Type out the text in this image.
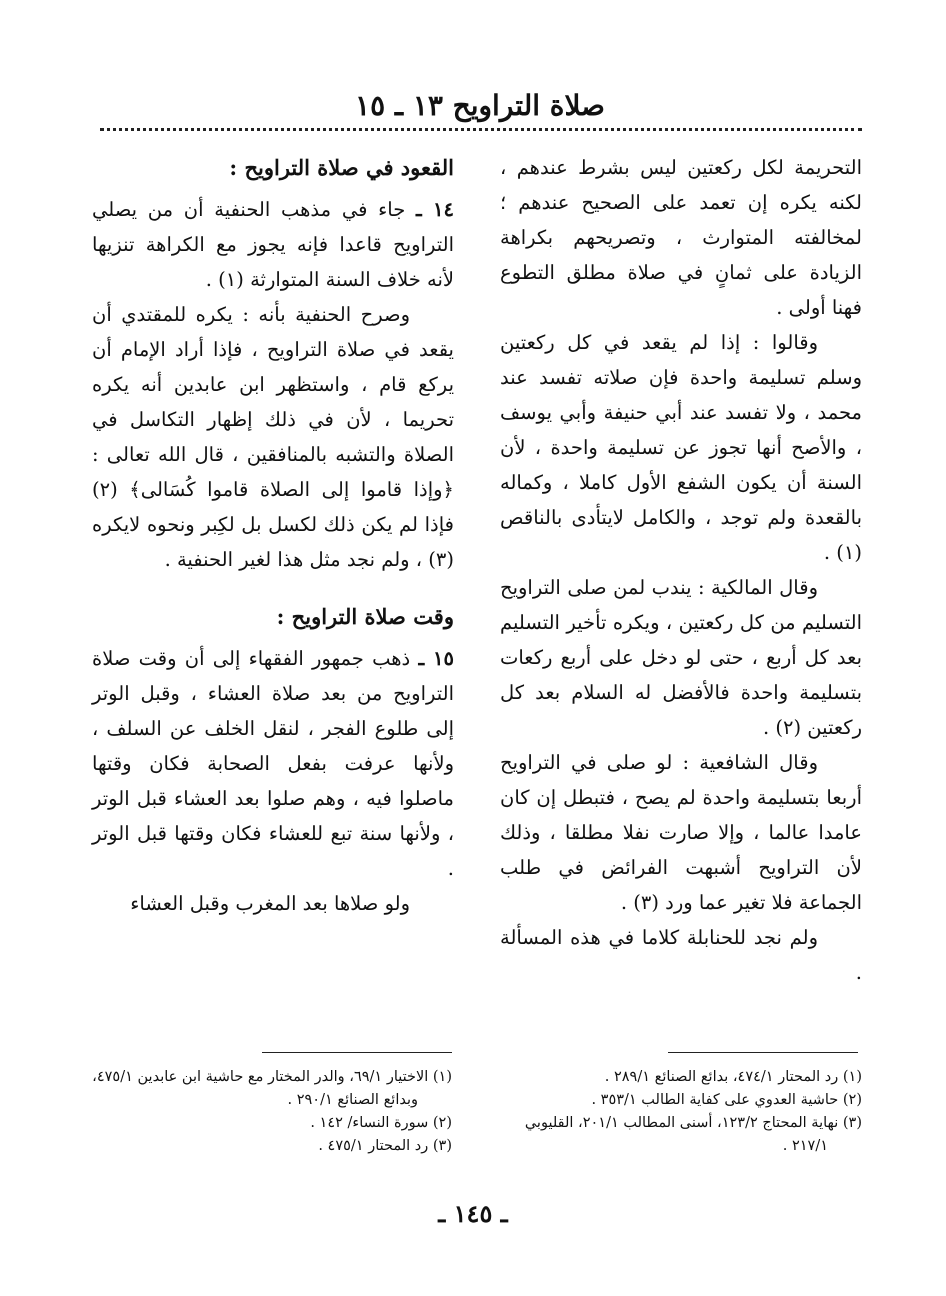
صلاة التراويح ١٣ ـ ١٥

التحريمة لكل ركعتين ليس بشرط عندهم ، لكنه يكره إن تعمد على الصحيح عندهم ؛ لمخالفته المتوارث ، وتصريحهم بكراهة الزيادة على ثمانٍ في صلاة مطلق التطوع فهنا أولى .

وقالوا : إذا لم يقعد في كل ركعتين وسلم تسليمة واحدة فإن صلاته تفسد عند محمد ، ولا تفسد عند أبي حنيفة وأبي يوسف ، والأصح أنها تجوز عن تسليمة واحدة ، لأن السنة أن يكون الشفع الأول كاملا ، وكماله بالقعدة ولم توجد ، والكامل لايتأدى بالناقص (١) .

وقال المالكية : يندب لمن صلى التراويح التسليم من كل ركعتين ، ويكره تأخير التسليم بعد كل أربع ، حتى لو دخل على أربع ركعات بتسليمة واحدة فالأفضل له السلام بعد كل ركعتين (٢) .

وقال الشافعية : لو صلى في التراويح أربعا بتسليمة واحدة لم يصح ، فتبطل إن كان عامدا عالما ، وإلا صارت نفلا مطلقا ، وذلك لأن التراويح أشبهت الفرائض في طلب الجماعة فلا تغير عما ورد (٣) .

ولم نجد للحنابلة كلاما في هذه المسألة .

القعود في صلاة التراويح :

١٤ ـ جاء في مذهب الحنفية أن من يصلي التراويح قاعدا فإنه يجوز مع الكراهة تنزيها لأنه خلاف السنة المتوارثة (١) .

وصرح الحنفية بأنه : يكره للمقتدي أن يقعد في صلاة التراويح ، فإذا أراد الإمام أن يركع قام ، واستظهر ابن عابدين أنه يكره تحريما ، لأن في ذلك إظهار التكاسل في الصلاة والتشبه بالمنافقين ، قال الله تعالى : ﴿وإذا قاموا إلى الصلاة قاموا كُسَالى﴾ (٢) فإذا لم يكن ذلك لكسل بل لكِبر ونحوه لايكره (٣) ، ولم نجد مثل هذا لغير الحنفية .

وقت صلاة التراويح :

١٥ ـ ذهب جمهور الفقهاء إلى أن وقت صلاة التراويح من بعد صلاة العشاء ، وقبل الوتر إلى طلوع الفجر ، لنقل الخلف عن السلف ، ولأنها عرفت بفعل الصحابة فكان وقتها ماصلوا فيه ، وهم صلوا بعد العشاء قبل الوتر ، ولأنها سنة تبع للعشاء فكان وقتها قبل الوتر .

ولو صلاها بعد المغرب وقبل العشاء

(١) رد المحتار ٤٧٤/١، بدائع الصنائع ٢٨٩/١ .

(٢) حاشية العدوي على كفاية الطالب ٣٥٣/١ .

(٣) نهاية المحتاج ١٢٣/٢، أسنى المطالب ٢٠١/١، القليوبي ٢١٧/١ .

(١) الاختيار ٦٩/١، والدر المختار مع حاشية ابن عابدين ٤٧٥/١، وبدائع الصنائع ٢٩٠/١ .

(٢) سورة النساء/ ١٤٢ .

(٣) رد المحتار ٤٧٥/١ .

ـ ١٤٥ ـ
